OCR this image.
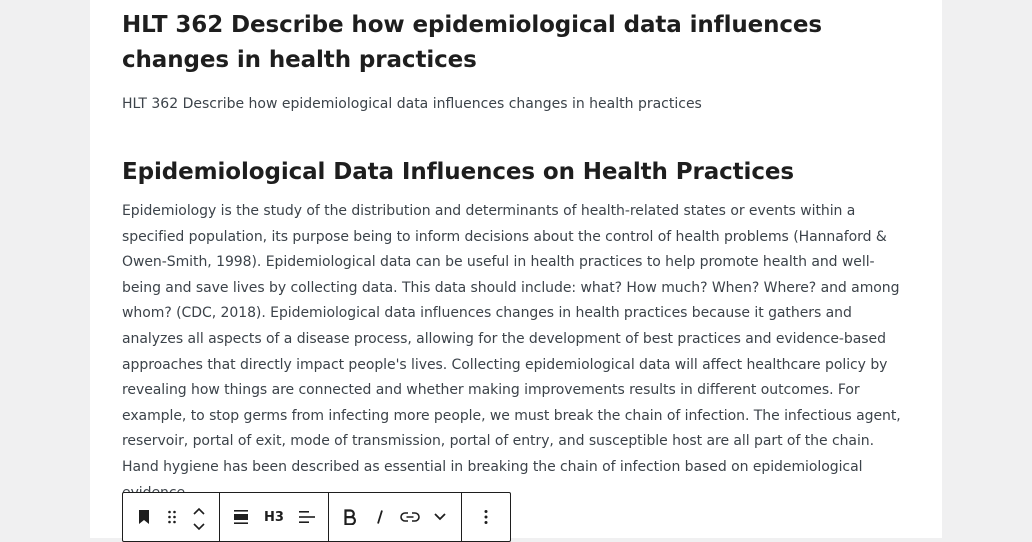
HLT 362 Describe how epidemiological data influences changes in health practices

HLT 362 Describe how epidemiological data influences changes in health practices

Epidemiological Data Influences on Health Practices

Epidemiology is the study of the distribution and determinants of health-related states or events within a specified population, its purpose being to inform decisions about the control of health problems (Hannaford & Owen-Smith, 1998). Epidemiological data can be useful in health practices to help promote health and well-being and save lives by collecting data. This data should include: what? How much? When? Where? and among whom? (CDC, 2018). Epidemiological data influences changes in health practices because it gathers and analyzes all aspects of a disease process, allowing for the development of best practices and evidence-based approaches that directly impact people's lives. Collecting epidemiological data will affect healthcare policy by revealing how things are connected and whether making improvements results in different outcomes. For example, to stop germs from infecting more people, we must break the chain of infection. The infectious agent, reservoir, portal of exit, mode of transmission, portal of entry, and susceptible host are all part of the chain. Hand hygiene has been described as essential in breaking the chain of infection based on epidemiological

H3
